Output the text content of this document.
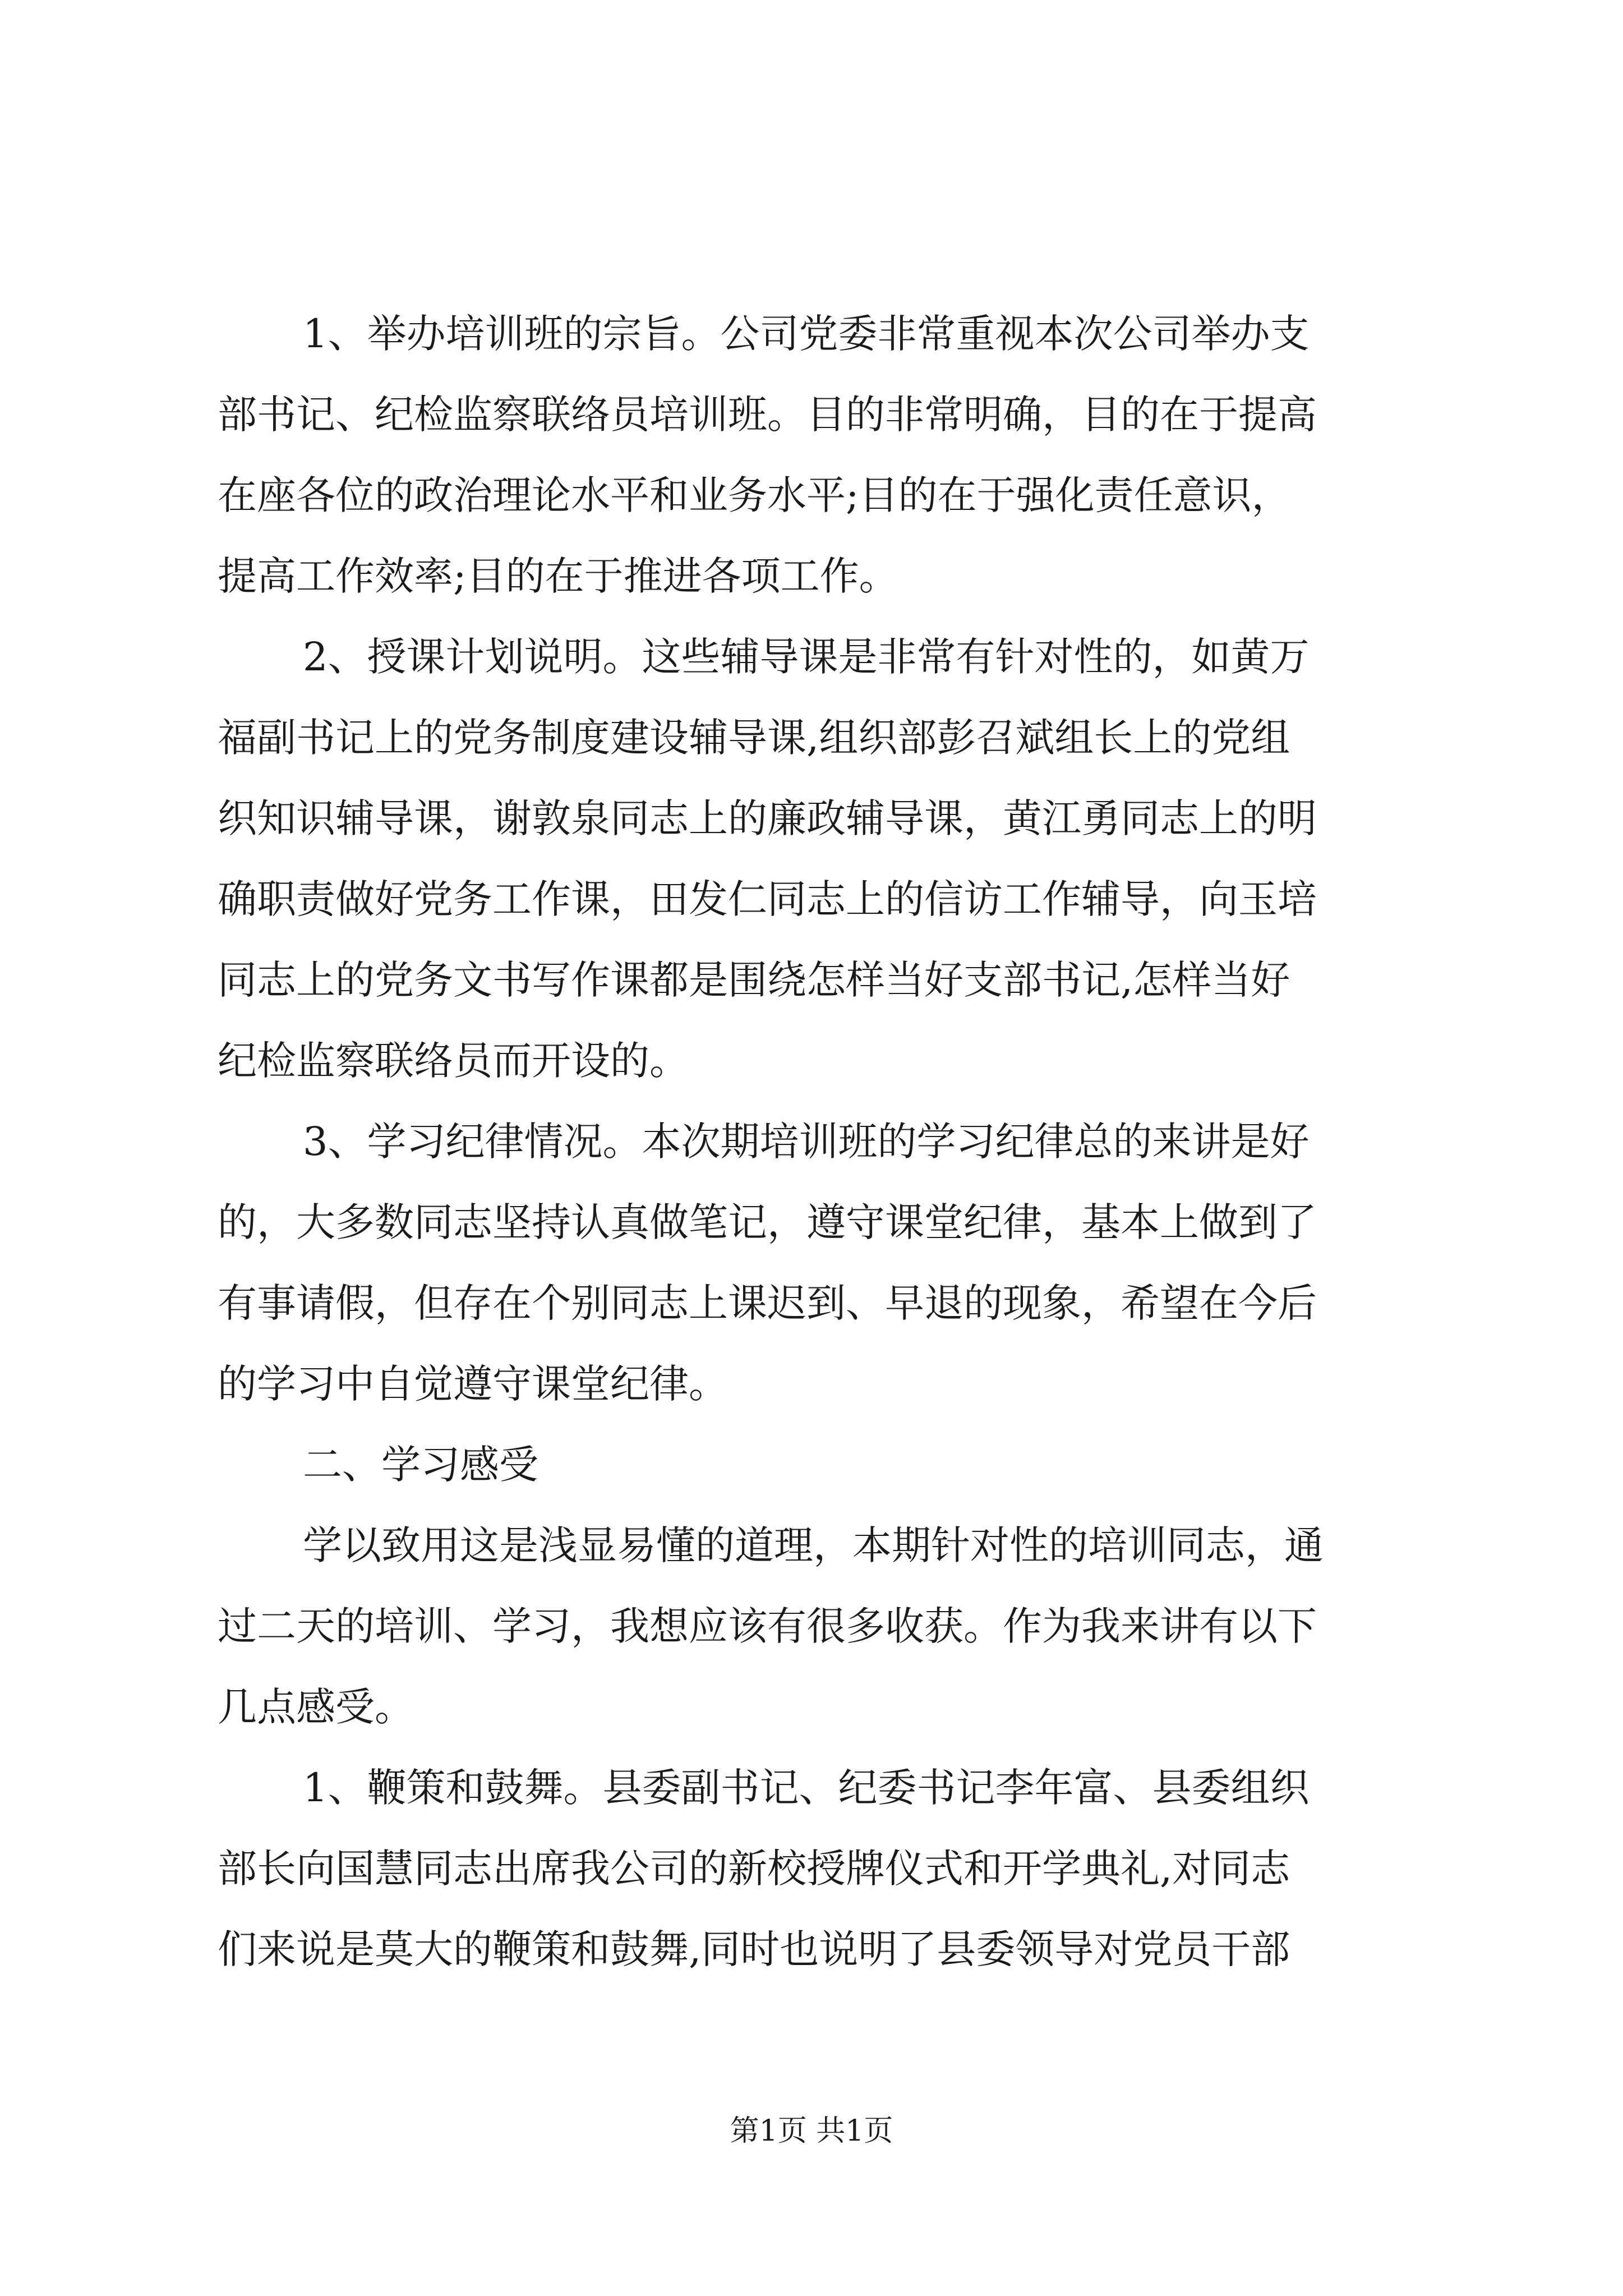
1、举办培训班的宗旨。公司党委非常重视本次公司举办支
部书记、纪检监察联络员培训班。目的非常明确，目的在于提高
在座各位的政治理论水平和业务水平;目的在于强化责任意识，
提高工作效率;目的在于推进各项工作。
2、授课计划说明。这些辅导课是非常有针对性的，如黄万
福副书记上的党务制度建设辅导课,组织部彭召斌组长上的党组
织知识辅导课，谢敦泉同志上的廉政辅导课，黄江勇同志上的明
确职责做好党务工作课，田发仁同志上的信访工作辅导，向玉培
同志上的党务文书写作课都是围绕怎样当好支部书记,怎样当好
纪检监察联络员而开设的。
3、学习纪律情况。本次期培训班的学习纪律总的来讲是好
的，大多数同志坚持认真做笔记，遵守课堂纪律，基本上做到了
有事请假，但存在个别同志上课迟到、早退的现象，希望在今后
的学习中自觉遵守课堂纪律。
二、学习感受
学以致用这是浅显易懂的道理，本期针对性的培训同志，通
过二天的培训、学习，我想应该有很多收获。作为我来讲有以下
几点感受。
1、鞭策和鼓舞。县委副书记、纪委书记李年富、县委组织
部长向国慧同志出席我公司的新校授牌仪式和开学典礼,对同志
们来说是莫大的鞭策和鼓舞,同时也说明了县委领导对党员干部
第1页 共1页
